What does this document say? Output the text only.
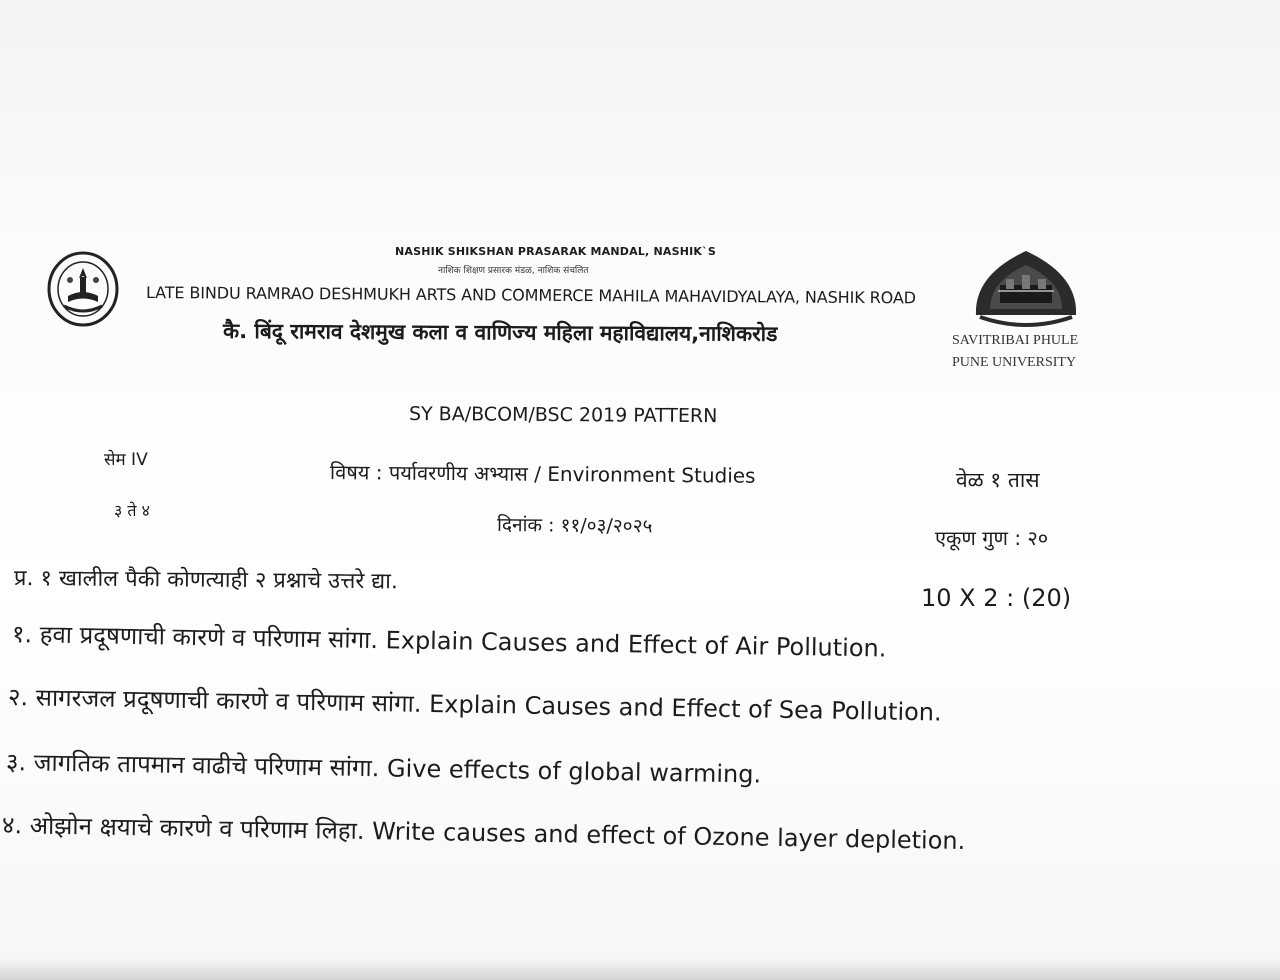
NASHIK SHIKSHAN PRASARAK MANDAL, NASHIK`S
नाशिक शिक्षण प्रसारक मंडळ, नाशिक संचलित
LATE BINDU RAMRAO DESHMUKH ARTS AND COMMERCE MAHILA MAHAVIDYALAYA, NASHIK ROAD
कै. बिंदू रामराव देशमुख कला व वाणिज्य महिला महाविद्यालय,नाशिकरोड	SAVITRIBAI PHULE
PUNE UNIVERSITY
SY BA/BCOM/BSC 2019 PATTERN
सेम IV
३ ते ४
विषय : पर्यावरणीय अभ्यास / Environment Studies
दिनांक : ११/०३/२०२५
वेळ १ तास
एकूण गुण : २०
प्र. १ खालील पैकी कोणत्याही २ प्रश्नाचे उत्तरे द्या.
10 X 2 : (20)
१. हवा प्रदूषणाची कारणे व परिणाम सांगा. Explain Causes and Effect of Air Pollution.
२. सागरजल प्रदूषणाची कारणे व परिणाम सांगा. Explain Causes and Effect of Sea Pollution.
३. जागतिक तापमान वाढीचे परिणाम सांगा. Give effects of global warming.
४. ओझोन क्षयाचे कारणे व परिणाम लिहा. Write causes and effect of Ozone layer depletion.
